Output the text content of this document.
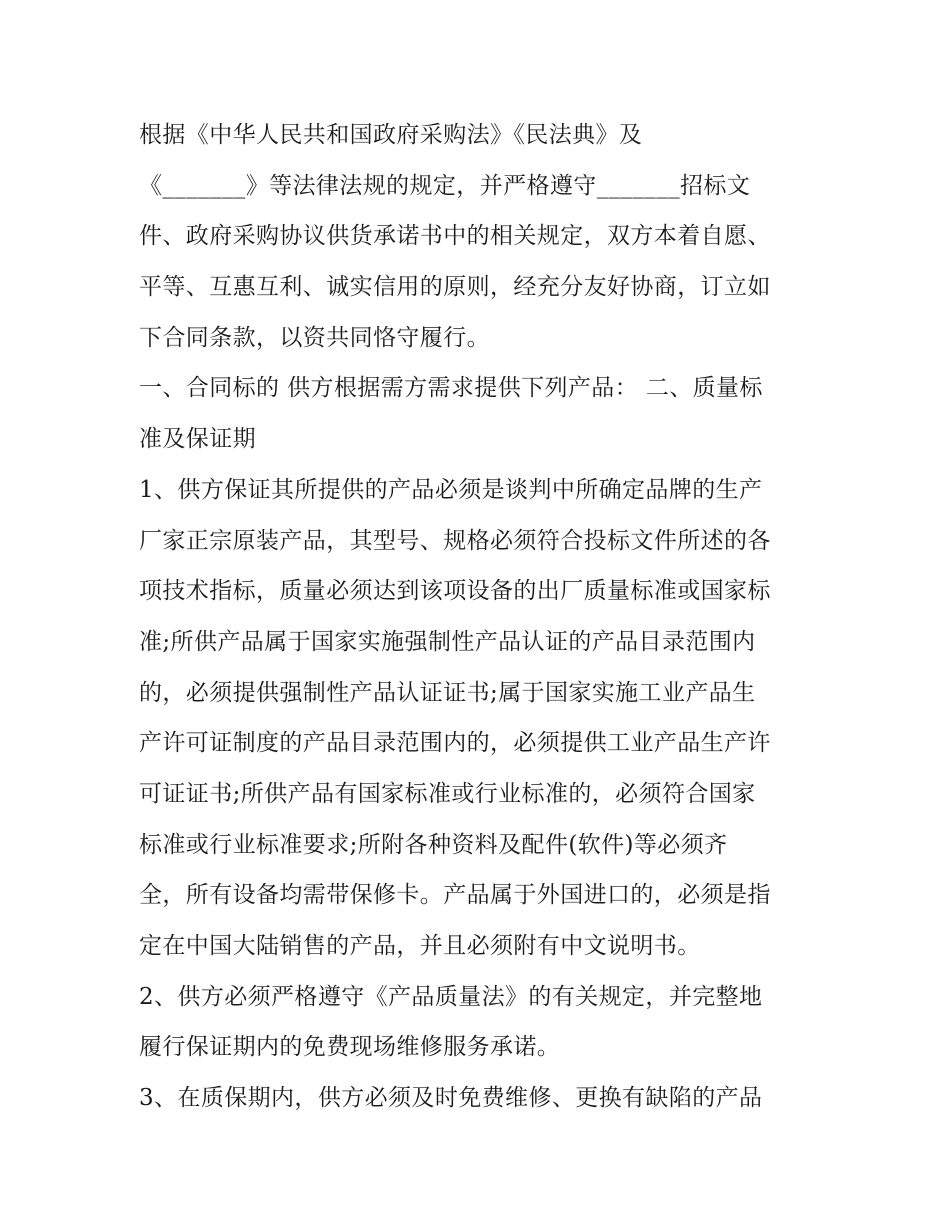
根据《中华人民共和国政府采购法》《民法典》及
《_______》等法律法规的规定，并严格遵守_______招标文
件、政府采购协议供货承诺书中的相关规定，双方本着自愿、
平等、互惠互利、诚实信用的原则，经充分友好协商，订立如
下合同条款，以资共同恪守履行。
一、合同标的 供方根据需方需求提供下列产品： 二、质量标
准及保证期
1、供方保证其所提供的产品必须是谈判中所确定品牌的生产
厂家正宗原装产品，其型号、规格必须符合投标文件所述的各
项技术指标，质量必须达到该项设备的出厂质量标准或国家标
准;所供产品属于国家实施强制性产品认证的产品目录范围内
的，必须提供强制性产品认证证书;属于国家实施工业产品生
产许可证制度的产品目录范围内的，必须提供工业产品生产许
可证证书;所供产品有国家标准或行业标准的，必须符合国家
标准或行业标准要求;所附各种资料及配件(软件)等必须齐
全，所有设备均需带保修卡。产品属于外国进口的，必须是指
定在中国大陆销售的产品，并且必须附有中文说明书。
2、供方必须严格遵守《产品质量法》的有关规定，并完整地
履行保证期内的免费现场维修服务承诺。
3、在质保期内，供方必须及时免费维修、更换有缺陷的产品
